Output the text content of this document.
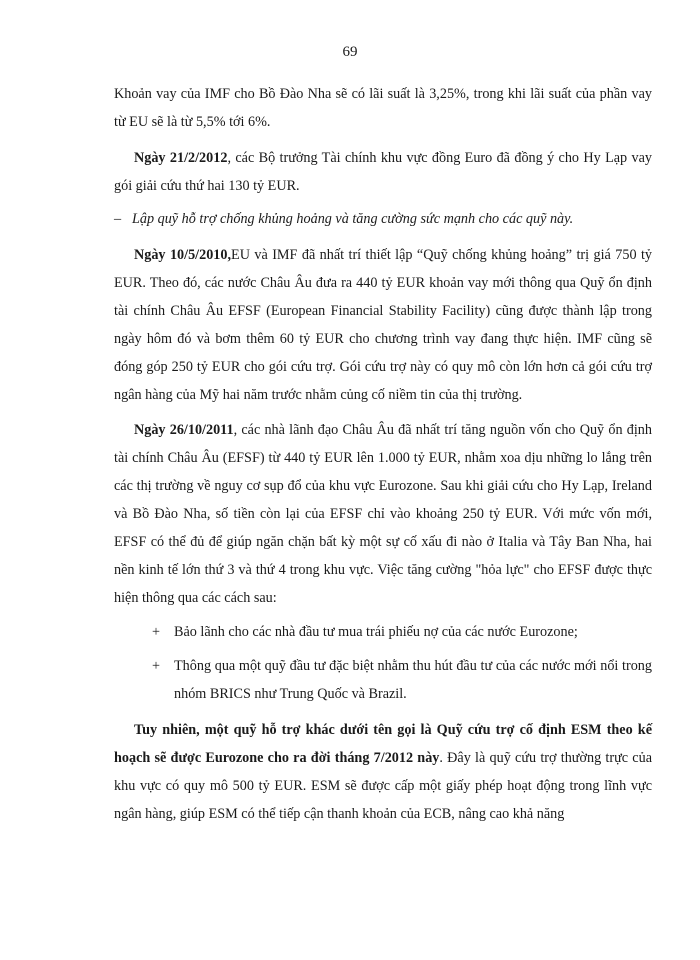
69

Khoản vay của IMF cho Bồ Đào Nha sẽ có lãi suất là 3,25%, trong khi lãi suất của phần vay từ EU sẽ là từ 5,5% tới 6%.

Ngày 21/2/2012, các Bộ trưởng Tài chính khu vực đồng Euro đã đồng ý cho Hy Lạp vay gói giải cứu thứ hai 130 tỷ EUR.

– Lập quỹ hỗ trợ chống khủng hoảng và tăng cường sức mạnh cho các quỹ này.

Ngày 10/5/2010,EU và IMF đã nhất trí thiết lập “Quỹ chống khủng hoảng” trị giá 750 tỷ EUR. Theo đó, các nước Châu Âu đưa ra 440 tỷ EUR khoản vay mới thông qua Quỹ ổn định tài chính Châu Âu EFSF (European Financial Stability Facility) cũng được thành lập trong ngày hôm đó và bơm thêm 60 tỷ EUR cho chương trình vay đang thực hiện. IMF cũng sẽ đóng góp 250 tỷ EUR cho gói cứu trợ. Gói cứu trợ này có quy mô còn lớn hơn cả gói cứu trợ ngân hàng của Mỹ hai năm trước nhằm củng cố niềm tin của thị trường.

Ngày 26/10/2011, các nhà lãnh đạo Châu Âu đã nhất trí tăng nguồn vốn cho Quỹ ổn định tài chính Châu Âu (EFSF) từ 440 tỷ EUR lên 1.000 tỷ EUR, nhằm xoa dịu những lo lắng trên các thị trường về nguy cơ sụp đổ của khu vực Eurozone. Sau khi giải cứu cho Hy Lạp, Ireland và Bồ Đào Nha, số tiền còn lại của EFSF chỉ vào khoảng 250 tỷ EUR. Với mức vốn mới, EFSF có thể đủ để giúp ngăn chặn bất kỳ một sự cố xấu đi nào ở Italia và Tây Ban Nha, hai nền kinh tế lớn thứ 3 và thứ 4 trong khu vực. Việc tăng cường "hỏa lực" cho EFSF được thực hiện thông qua các cách sau:

+ Bảo lãnh cho các nhà đầu tư mua trái phiếu nợ của các nước Eurozone;
+ Thông qua một quỹ đầu tư đặc biệt nhằm thu hút đầu tư của các nước mới nổi trong nhóm BRICS như Trung Quốc và Brazil.

Tuy nhiên, một quỹ hỗ trợ khác dưới tên gọi là Quỹ cứu trợ cố định ESM theo kế hoạch sẽ được Eurozone cho ra đời tháng 7/2012 này. Đây là quỹ cứu trợ thường trực của khu vực có quy mô 500 tỷ EUR. ESM sẽ được cấp một giấy phép hoạt động trong lĩnh vực ngân hàng, giúp ESM có thể tiếp cận thanh khoản của ECB, nâng cao khả năng
